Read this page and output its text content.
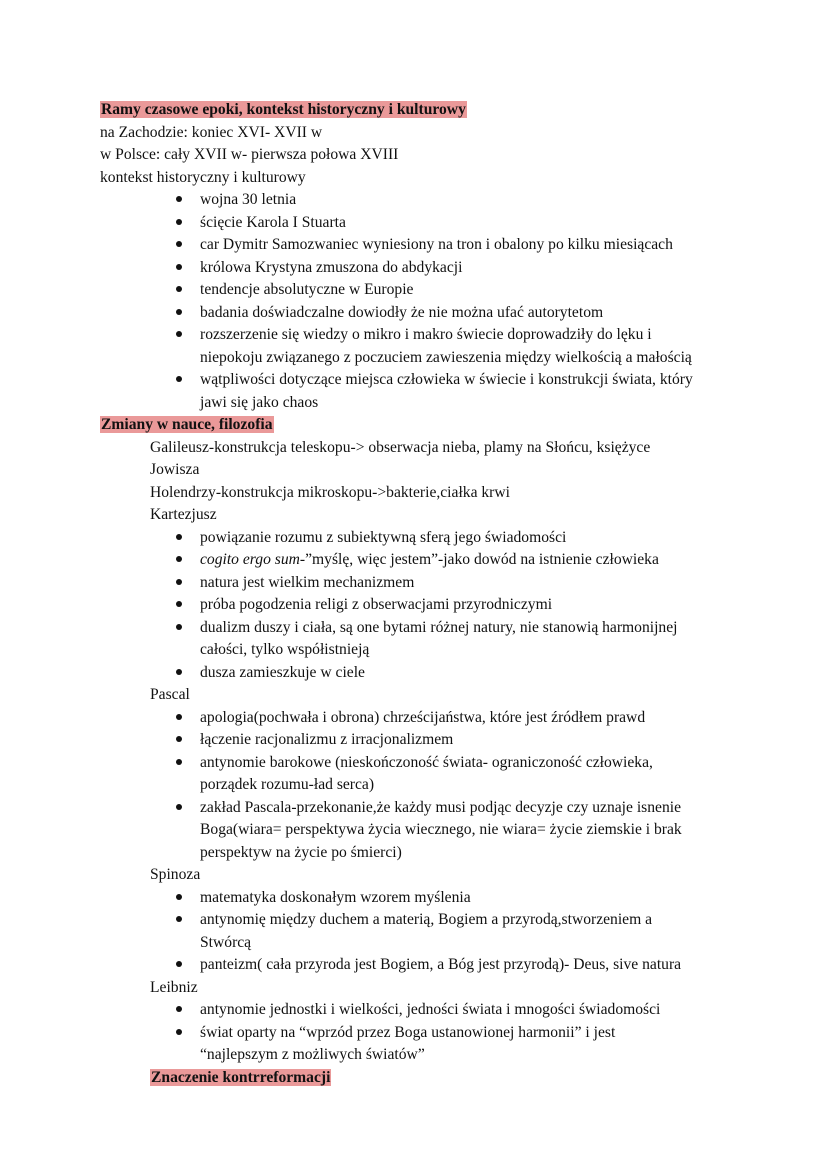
Ramy czasowe epoki, kontekst historyczny i kulturowy
na Zachodzie: koniec XVI- XVII w
w Polsce: cały XVII w- pierwsza połowa XVIII
kontekst historyczny i kulturowy
wojna 30 letnia
ścięcie Karola I Stuarta
car Dymitr Samozwaniec wyniesiony na tron i obalony po kilku miesiącach
królowa Krystyna zmuszona do abdykacji
tendencje absolutyczne w Europie
badania doświadczalne dowiodły że nie można ufać autorytetom
rozszerzenie się wiedzy o mikro i makro świecie doprowadziły do lęku i
niepokoju związanego z poczuciem zawieszenia między wielkością a małością
wątpliwości dotyczące miejsca człowieka w świecie i konstrukcji świata, który
jawi się jako chaos
Zmiany w nauce, filozofia
Galileusz-konstrukcja teleskopu-> obserwacja nieba, plamy na Słońcu, księżyce
Jowisza
Holendrzy-konstrukcja mikroskopu->bakterie,ciałka krwi
Kartezjusz
powiązanie rozumu z subiektywną sferą jego świadomości
cogito ergo sum-”myślę, więc jestem”-jako dowód na istnienie człowieka
natura jest wielkim mechanizmem
próba pogodzenia religi z obserwacjami przyrodniczymi
dualizm duszy i ciała, są one bytami różnej natury, nie stanowią harmonijnej
całości, tylko współistnieją
dusza zamieszkuje w ciele
Pascal
apologia(pochwała i obrona) chrześcijaństwa, które jest źródłem prawd
łączenie racjonalizmu z irracjonalizmem
antynomie barokowe (nieskończoność świata- ograniczoność człowieka,
porządek rozumu-ład serca)
zakład Pascala-przekonanie,że każdy musi podjąc decyzje czy uznaje isnenie
Boga(wiara= perspektywa życia wiecznego, nie wiara= życie ziemskie i brak
perspektyw na życie po śmierci)
Spinoza
matematyka doskonałym wzorem myślenia
antynomię między duchem a materią, Bogiem a przyrodą,stworzeniem a
Stwórcą
panteizm( cała przyroda jest Bogiem, a Bóg jest przyrodą)- Deus, sive natura
Leibniz
antynomie jednostki i wielkości, jedności świata i mnogości świadomości
świat oparty na “wprzód przez Boga ustanowionej harmonii” i jest
“najlepszym z możliwych światów”
Znaczenie kontrreformacji
